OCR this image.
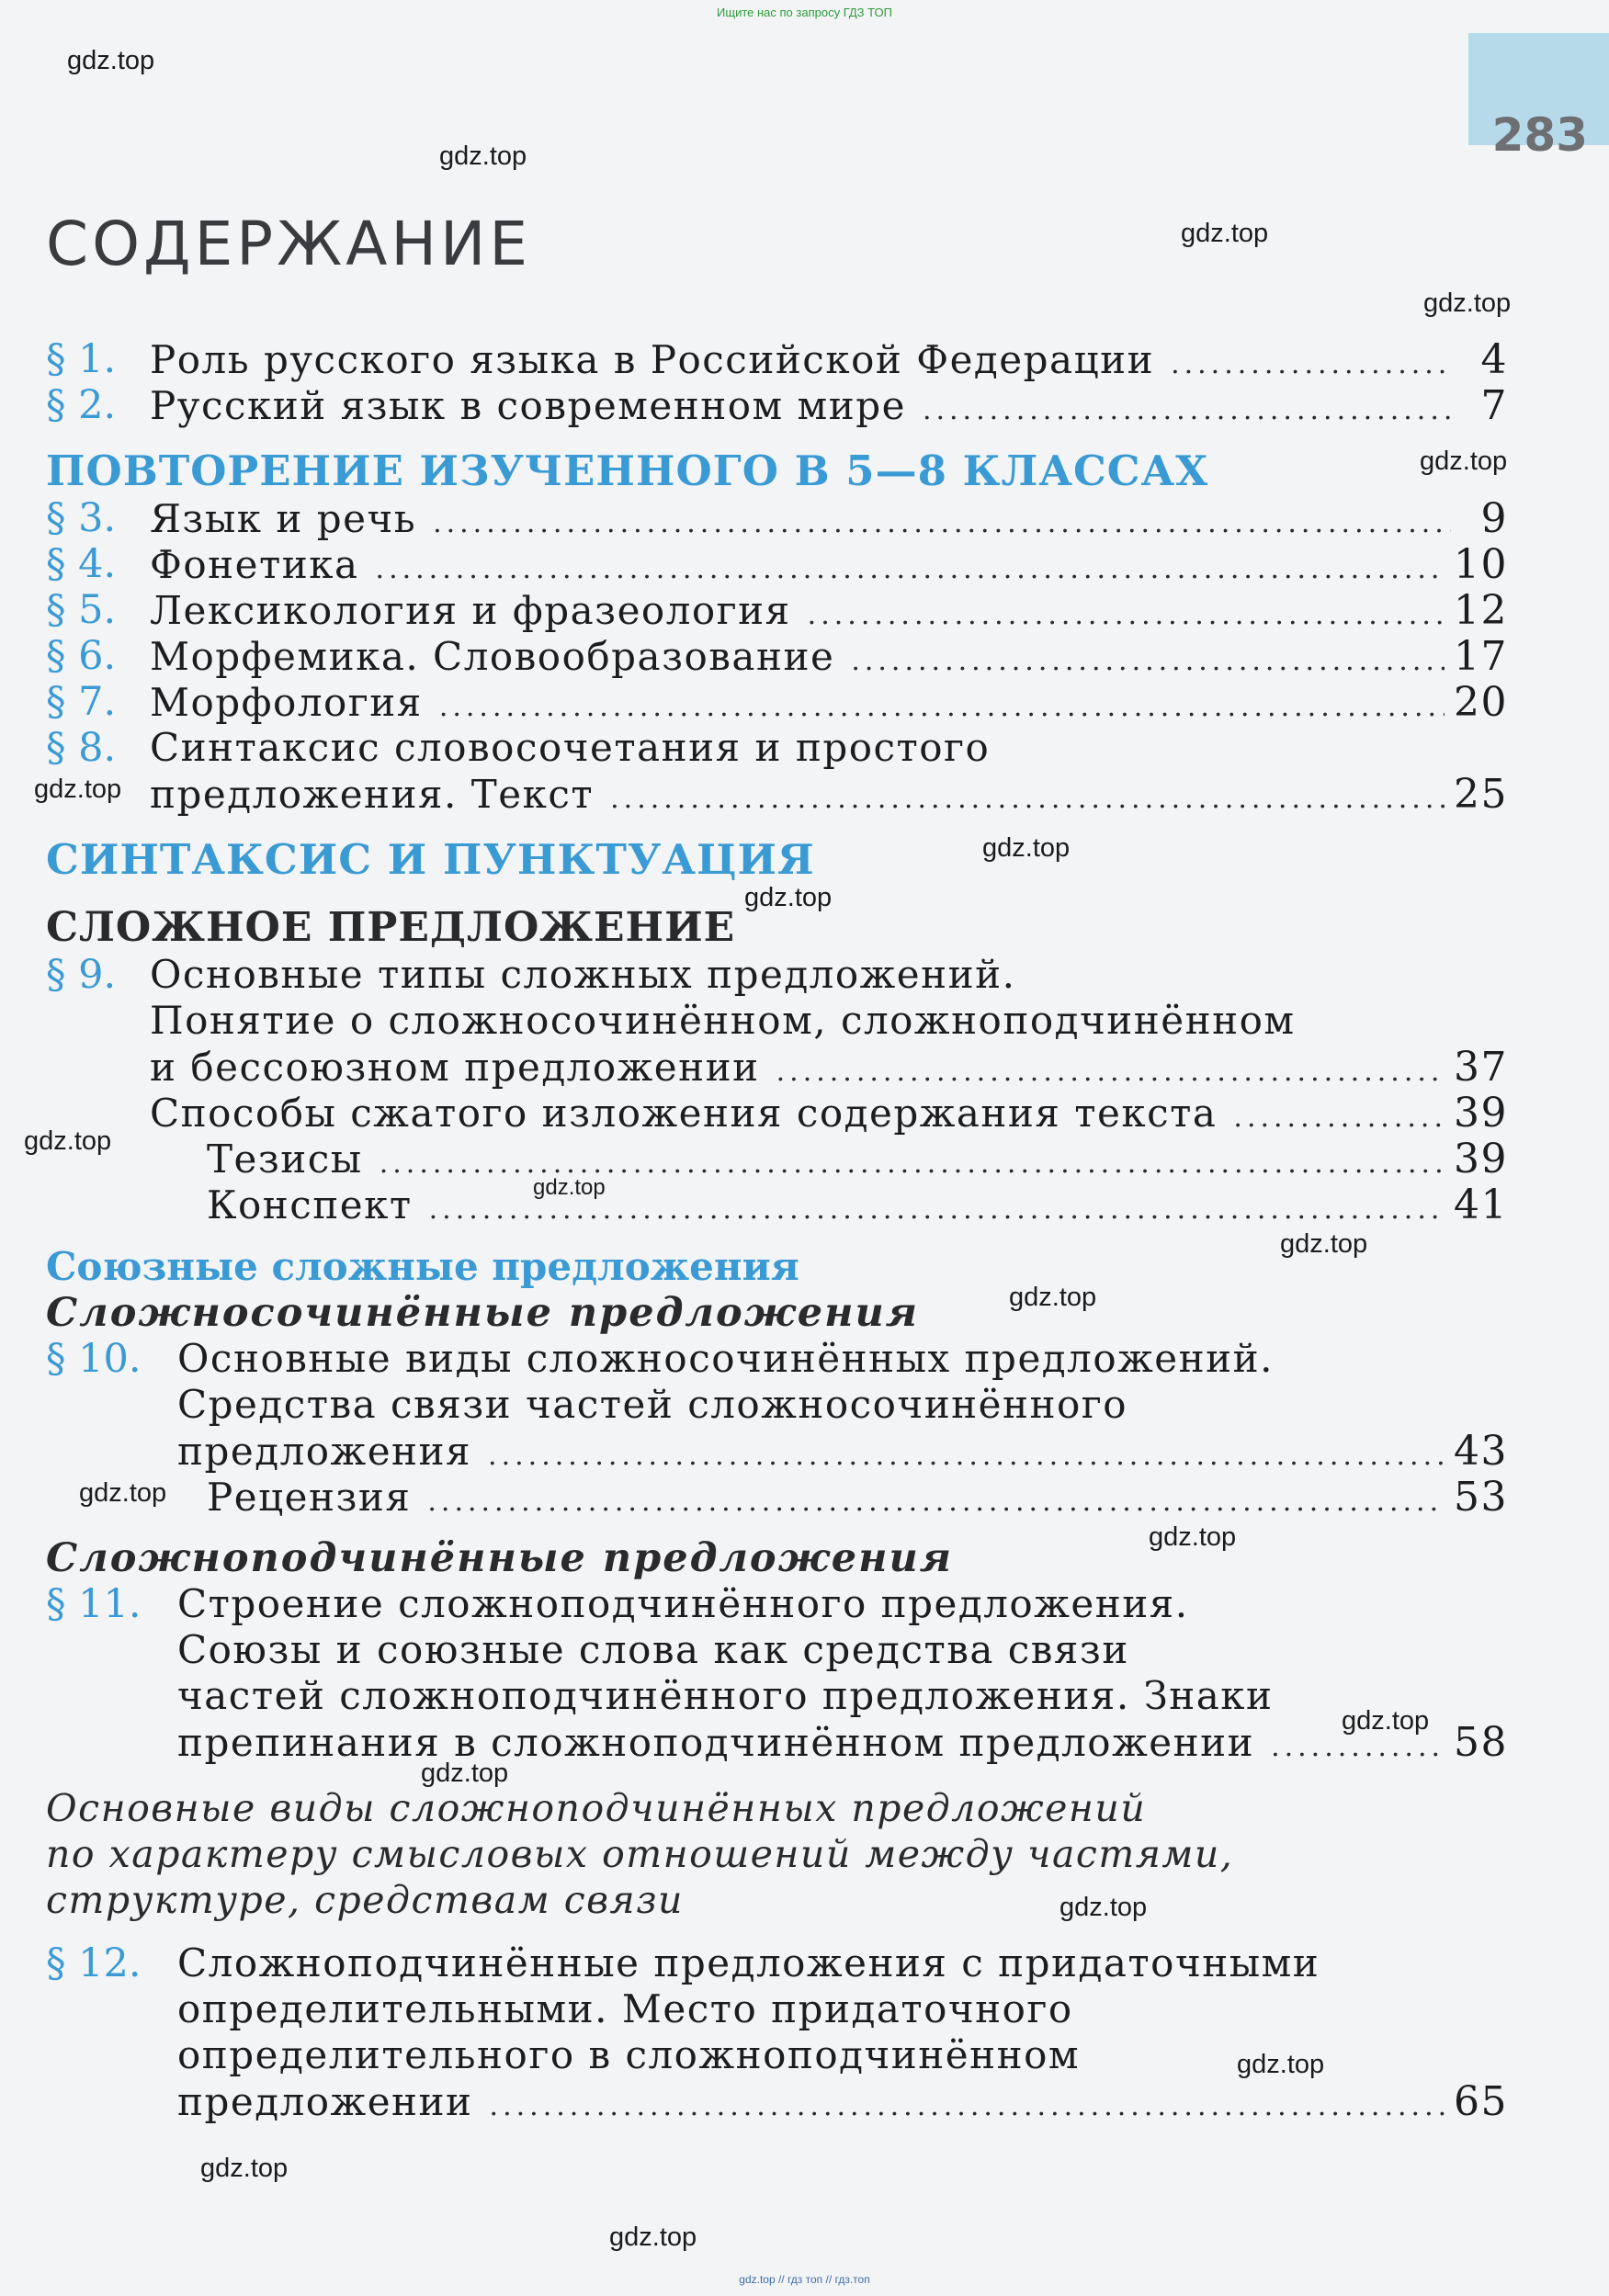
Ищите нас по запросу ГДЗ ТОП
283
СОДЕРЖАНИЕ
§ 1. Роль русского языка в Российской Федерации .....	4
§ 2. Русский язык в современном мире .....	7
ПОВТОРЕНИЕ ИЗУЧЕННОГО В 5—8 КЛАССАХ
§ 3. Язык и речь .....	9
§ 4. Фонетика .....	10
§ 5. Лексикология и фразеология .....	12
§ 6. Морфемика. Словообразование .....	17
§ 7. Морфология .....	20
§ 8. Синтаксис словосочетания и простого
предложения. Текст .....	25
СИНТАКСИС И ПУНКТУАЦИЯ
СЛОЖНОЕ ПРЕДЛОЖЕНИЕ
§ 9. Основные типы сложных предложений.
Понятие о сложносочинённом, сложноподчинённом
и бессоюзном предложении .....	37
Способы сжатого изложения содержания текста .....	39
Тезисы .....	39
Конспект .....	41
Союзные сложные предложения
Сложносочинённые предложения
§ 10. Основные виды сложносочинённых предложений.
Средства связи частей сложносочинённого
предложения .....	43
Рецензия .....	53
Сложноподчинённые предложения
§ 11. Строение сложноподчинённого предложения.
Союзы и союзные слова как средства связи
частей сложноподчинённого предложения. Знаки
препинания в сложноподчинённом предложении .....	58
Основные виды сложноподчинённых предложений
по характеру смысловых отношений между частями,
структуре, средствам связи
§ 12. Сложноподчинённые предложения с придаточными
определительными. Место придаточного
определительного в сложноподчинённом
предложении .....	65
gdz.top
gdz.top
gdz.top
gdz.top
gdz.top
gdz.top
gdz.top
gdz.top
gdz.top
gdz.top
gdz.top
gdz.top
gdz.top
gdz.top
gdz.top
gdz.top
gdz.top
gdz.top
gdz.top
gdz.top
gdz.top // гдз топ // гдз.топ
